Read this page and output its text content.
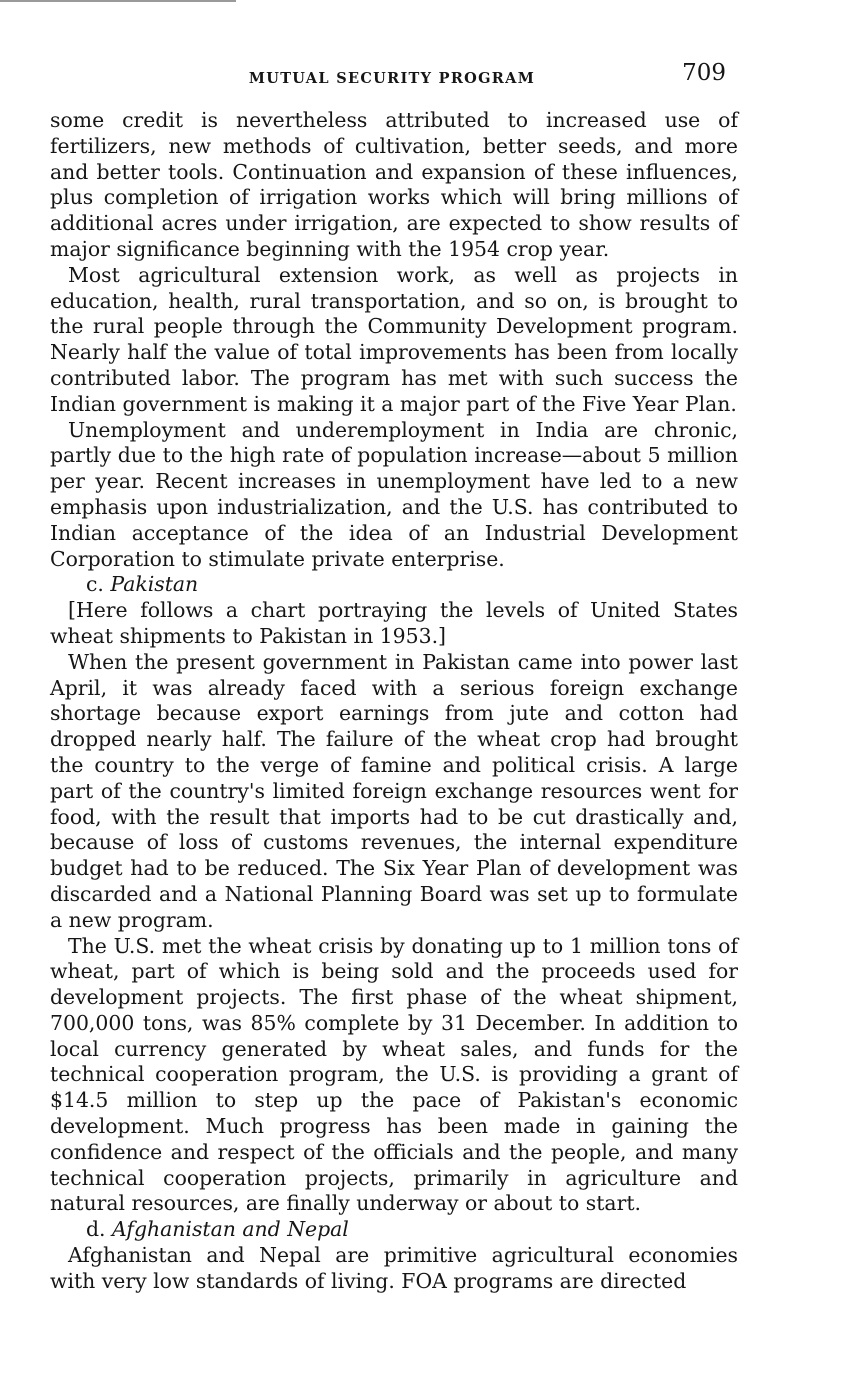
MUTUAL SECURITY PROGRAM	709

some credit is nevertheless attributed to increased use of fertilizers, new methods of cultivation, better seeds, and more and better tools. Continuation and expansion of these influences, plus completion of irrigation works which will bring millions of additional acres under irrigation, are expected to show results of major significance beginning with the 1954 crop year.

Most agricultural extension work, as well as projects in education, health, rural transportation, and so on, is brought to the rural people through the Community Development program. Nearly half the value of total improvements has been from locally contributed labor. The program has met with such success the Indian government is making it a major part of the Five Year Plan.

Unemployment and underemployment in India are chronic, partly due to the high rate of population increase—about 5 million per year. Recent increases in unemployment have led to a new emphasis upon industrialization, and the U.S. has contributed to Indian acceptance of the idea of an Industrial Development Corporation to stimulate private enterprise.

c. Pakistan

[Here follows a chart portraying the levels of United States wheat shipments to Pakistan in 1953.]

When the present government in Pakistan came into power last April, it was already faced with a serious foreign exchange shortage because export earnings from jute and cotton had dropped nearly half. The failure of the wheat crop had brought the country to the verge of famine and political crisis. A large part of the country's limited foreign exchange resources went for food, with the result that imports had to be cut drastically and, because of loss of customs revenues, the internal expenditure budget had to be reduced. The Six Year Plan of development was discarded and a National Planning Board was set up to formulate a new program.

The U.S. met the wheat crisis by donating up to 1 million tons of wheat, part of which is being sold and the proceeds used for development projects. The first phase of the wheat shipment, 700,000 tons, was 85% complete by 31 December. In addition to local currency generated by wheat sales, and funds for the technical cooperation program, the U.S. is providing a grant of $14.5 million to step up the pace of Pakistan's economic development. Much progress has been made in gaining the confidence and respect of the officials and the people, and many technical cooperation projects, primarily in agriculture and natural resources, are finally underway or about to start.

d. Afghanistan and Nepal

Afghanistan and Nepal are primitive agricultural economies with very low standards of living. FOA programs are directed
